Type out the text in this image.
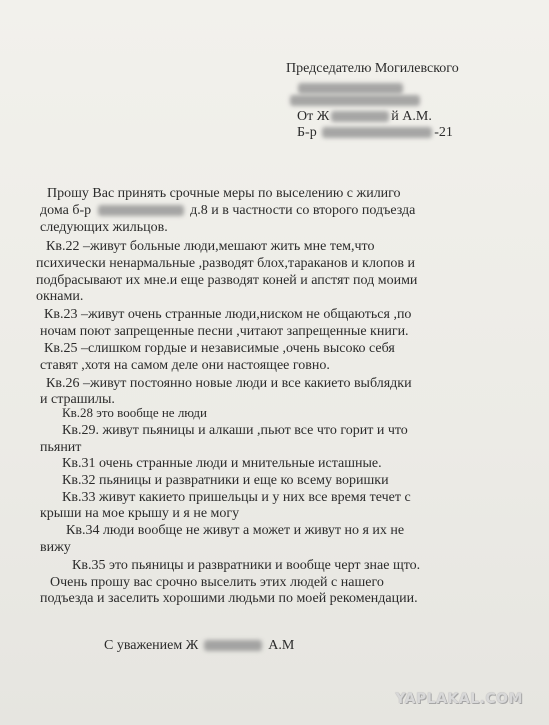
Председателю Могилевского
От Ж	й А.М.
Б-р	-21
Прошу Вас принять срочные меры по выселению с жилиго
дома б-р	д.8 и в частности со второго подъезда
следующих жильцов.
Кв.22 –живут больные люди,мешают жить мне тем,что
психически ненармальные ,разводят блох,тараканов и клопов и
подбрасывают их мне.и еще разводят коней и апстят под моими
окнами.
Кв.23 –живут очень странные люди,ниском не общаються ,по
ночам поют запрещенные песни ,читают запрещенные книги.
Кв.25 –слишком гордые и независимые ,очень высоко себя
ставят ,хотя на самом деле они настоящее говно.
Кв.26 –живут постоянно новые люди и все какието выблядки
и страшилы.
Кв.28 это вообще не люди
Кв.29. живут пьяницы и алкаши ,пьют все что горит и что
пьянит
Кв.31 очень странные люди и мнительные исташные.
Кв.32 пьяницы и развратники и еще ко всему воришки
Кв.33 живут какието пришельцы и у них все время течет с
крыши на мое крышу и я не могу
Кв.34 люди вообще не живут а может и живут но я их не
вижу
Кв.35 это пьяницы и развратники и вообще черт знае щто.
Очень прошу вас срочно выселить этих людей с нашего
подъезда и заселить хорошими людьми по моей рекомендации.
С уважением Ж	А.М
YAPLAKAL.COM
